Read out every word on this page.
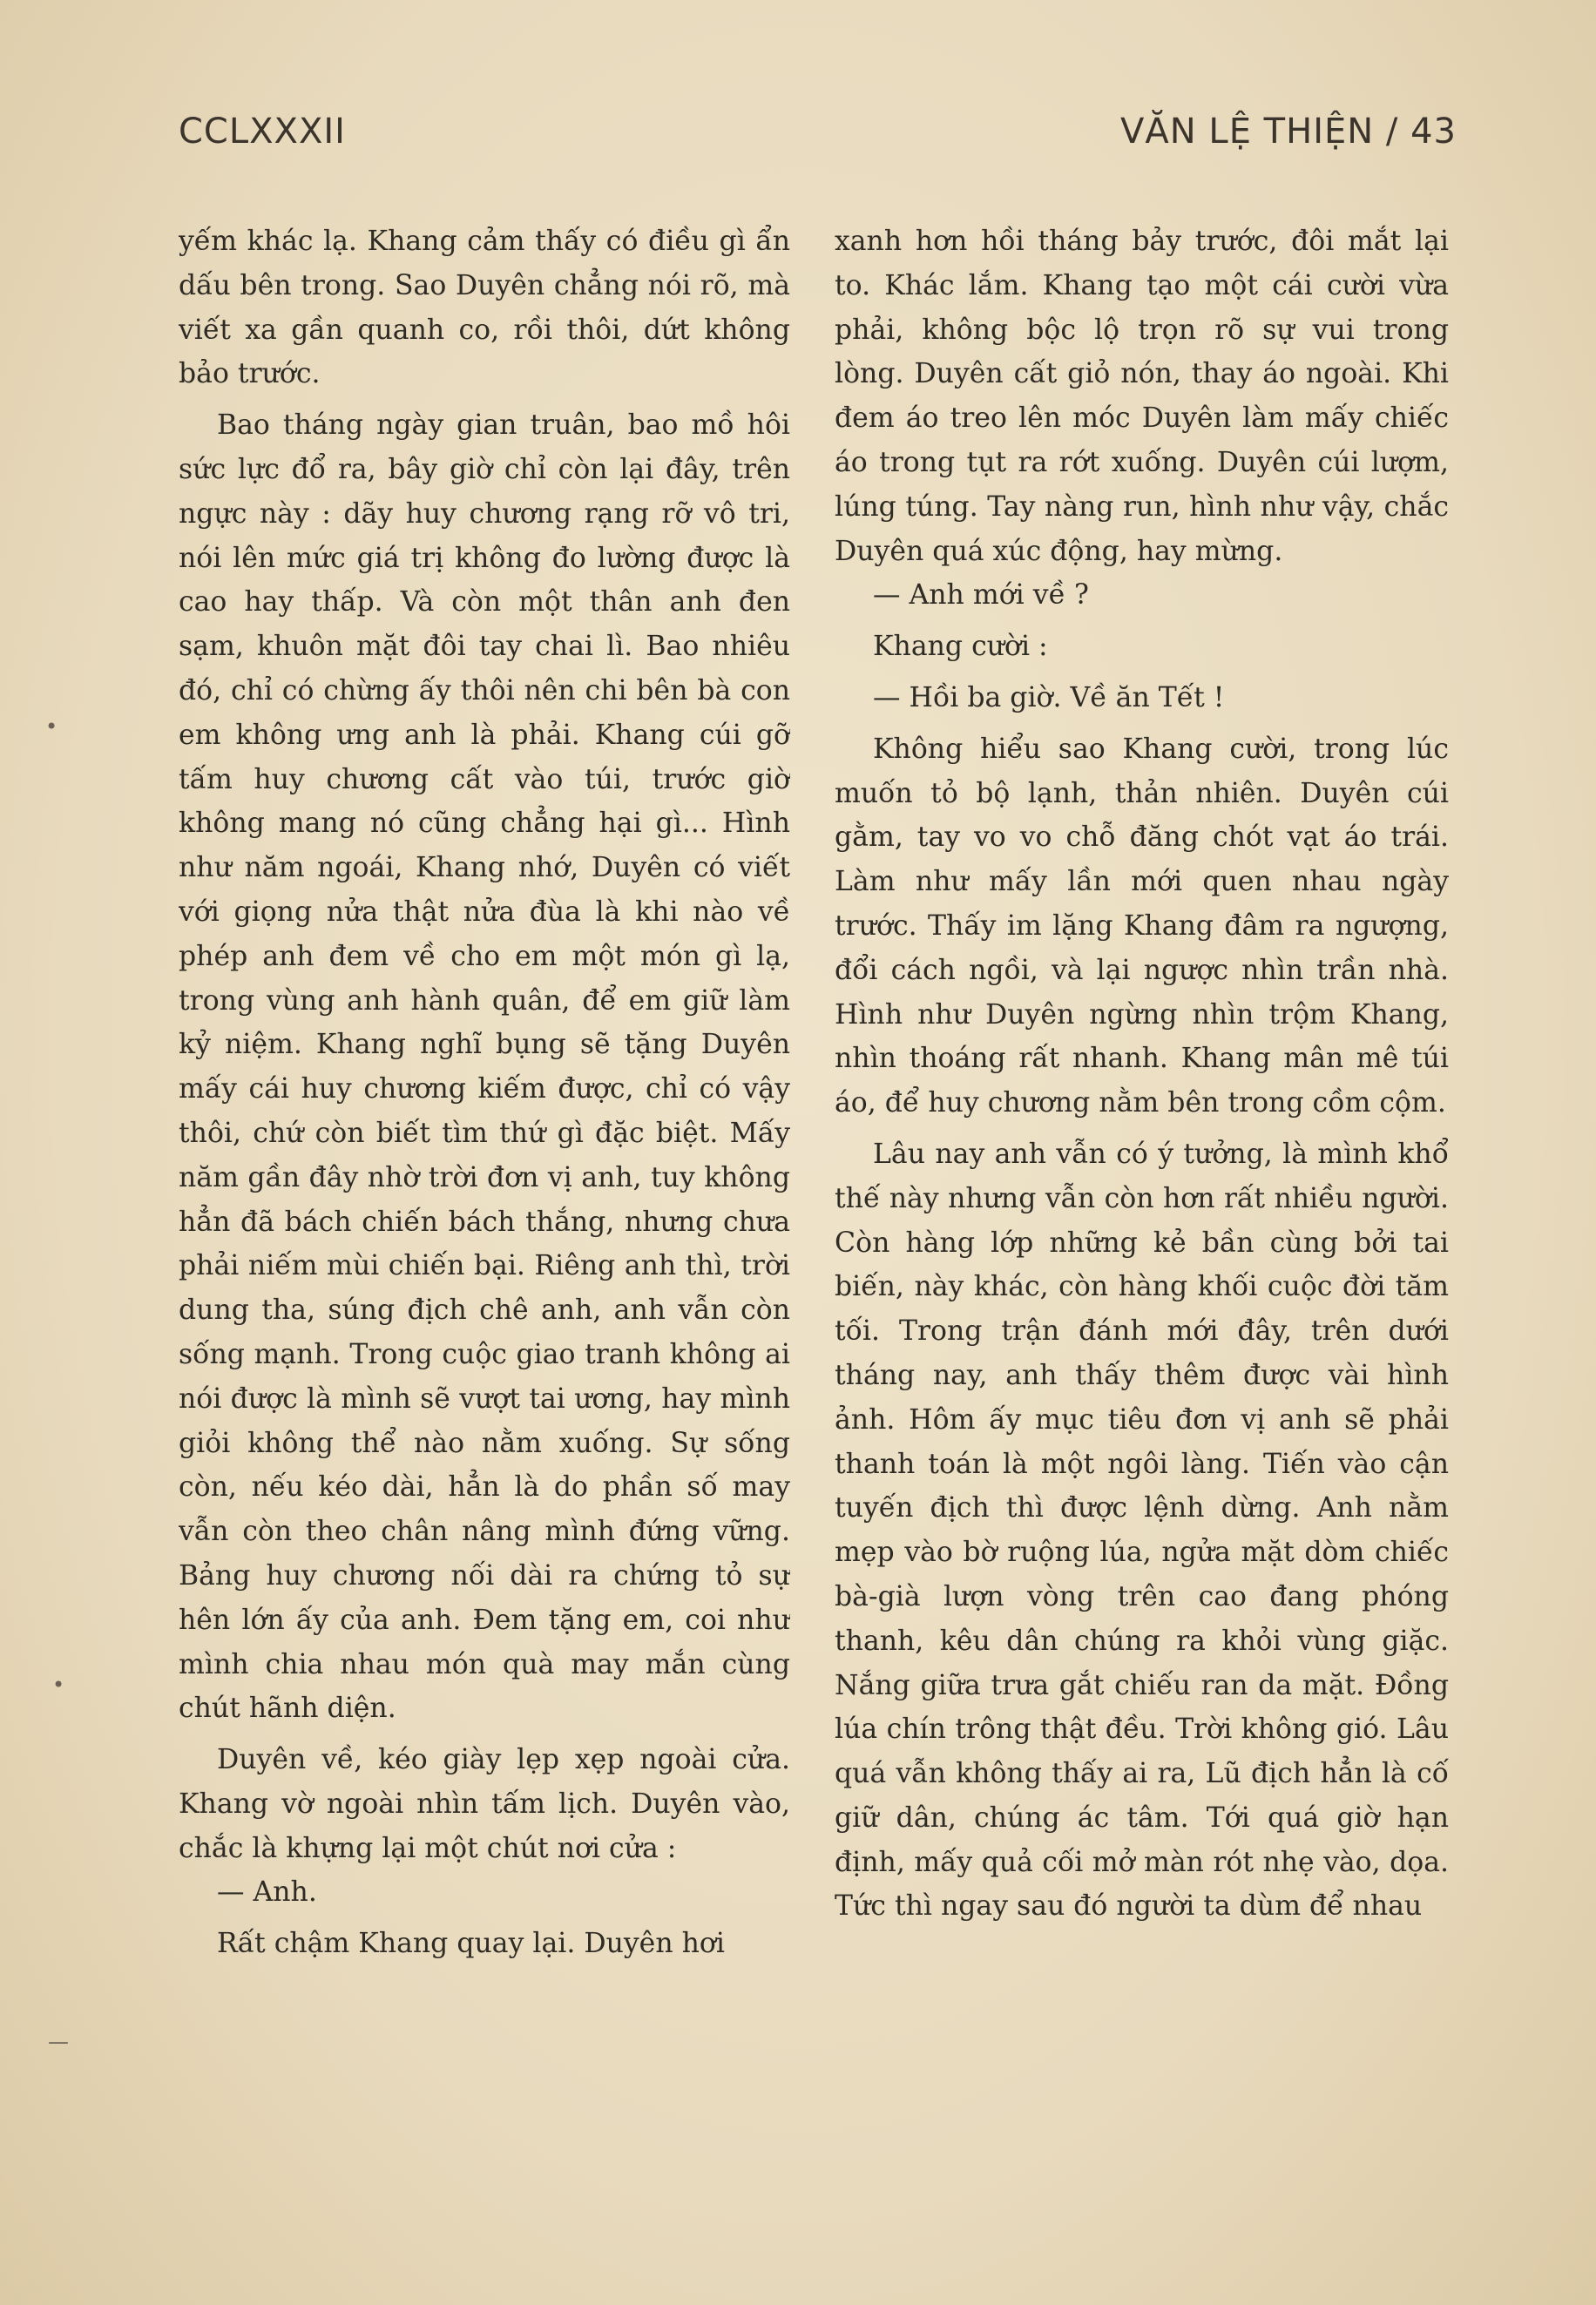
CCLXXXII	VĂN LỆ THIỆN / 43

yếm khác lạ. Khang cảm thấy có điều gì ẩn dấu bên trong. Sao Duyên chẳng nói rõ, mà viết xa gần quanh co, rồi thôi, dứt không bảo trước.

Bao tháng ngày gian truân, bao mồ hôi sức lực đổ ra, bây giờ chỉ còn lại đây, trên ngực này : dãy huy chương rạng rỡ vô tri, nói lên mức giá trị không đo lường được là cao hay thấp. Và còn một thân anh đen sạm, khuôn mặt đôi tay chai lì. Bao nhiêu đó, chỉ có chừng ấy thôi nên chi bên bà con em không ưng anh là phải. Khang cúi gỡ tấm huy chương cất vào túi, trước giờ không mang nó cũng chẳng hại gì... Hình như năm ngoái, Khang nhớ, Duyên có viết với giọng nửa thật nửa đùa là khi nào về phép anh đem về cho em một món gì lạ, trong vùng anh hành quân, để em giữ làm kỷ niệm. Khang nghĩ bụng sẽ tặng Duyên mấy cái huy chương kiếm được, chỉ có vậy thôi, chứ còn biết tìm thứ gì đặc biệt. Mấy năm gần đây nhờ trời đơn vị anh, tuy không hẳn đã bách chiến bách thắng, nhưng chưa phải niếm mùi chiến bại. Riêng anh thì, trời dung tha, súng địch chê anh, anh vẫn còn sống mạnh. Trong cuộc giao tranh không ai nói được là mình sẽ vượt tai ương, hay mình giỏi không thể nào nằm xuống. Sự sống còn, nếu kéo dài, hẳn là do phần số may vẫn còn theo chân nâng mình đứng vững. Bảng huy chương nối dài ra chứng tỏ sự hên lớn ấy của anh. Đem tặng em, coi như mình chia nhau món quà may mắn cùng chút hãnh diện.

Duyên về, kéo giày lẹp xẹp ngoài cửa. Khang vờ ngoài nhìn tấm lịch. Duyên vào, chắc là khựng lại một chút nơi cửa :

— Anh.

Rất chậm Khang quay lại. Duyên hơi

xanh hơn hồi tháng bảy trước, đôi mắt lại to. Khác lắm. Khang tạo một cái cười vừa phải, không bộc lộ trọn rõ sự vui trong lòng. Duyên cất giỏ nón, thay áo ngoài. Khi đem áo treo lên móc Duyên làm mấy chiếc áo trong tụt ra rớt xuống. Duyên cúi lượm, lúng túng. Tay nàng run, hình như vậy, chắc Duyên quá xúc động, hay mừng.

— Anh mới về ?

Khang cười :

— Hồi ba giờ. Về ăn Tết !

Không hiểu sao Khang cười, trong lúc muốn tỏ bộ lạnh, thản nhiên. Duyên cúi gằm, tay vo vo chỗ đăng chót vạt áo trái. Làm như mấy lần mới quen nhau ngày trước. Thấy im lặng Khang đâm ra ngượng, đổi cách ngồi, và lại ngược nhìn trần nhà. Hình như Duyên ngừng nhìn trộm Khang, nhìn thoáng rất nhanh. Khang mân mê túi áo, để huy chương nằm bên trong cồm cộm.

Lâu nay anh vẫn có ý tưởng, là mình khổ thế này nhưng vẫn còn hơn rất nhiều người. Còn hàng lớp những kẻ bần cùng bởi tai biến, này khác, còn hàng khối cuộc đời tăm tối. Trong trận đánh mới đây, trên dưới tháng nay, anh thấy thêm được vài hình ảnh. Hôm ấy mục tiêu đơn vị anh sẽ phải thanh toán là một ngôi làng. Tiến vào cận tuyến địch thì được lệnh dừng. Anh nằm mẹp vào bờ ruộng lúa, ngửa mặt dòm chiếc bà-già lượn vòng trên cao đang phóng thanh, kêu dân chúng ra khỏi vùng giặc. Nắng giữa trưa gắt chiếu ran da mặt. Đồng lúa chín trông thật đều. Trời không gió. Lâu quá vẫn không thấy ai ra, Lũ địch hẳn là cố giữ dân, chúng ác tâm. Tới quá giờ hạn định, mấy quả cối mở màn rót nhẹ vào, dọa. Tức thì ngay sau đó người ta dùm để nhau

•
•
—
